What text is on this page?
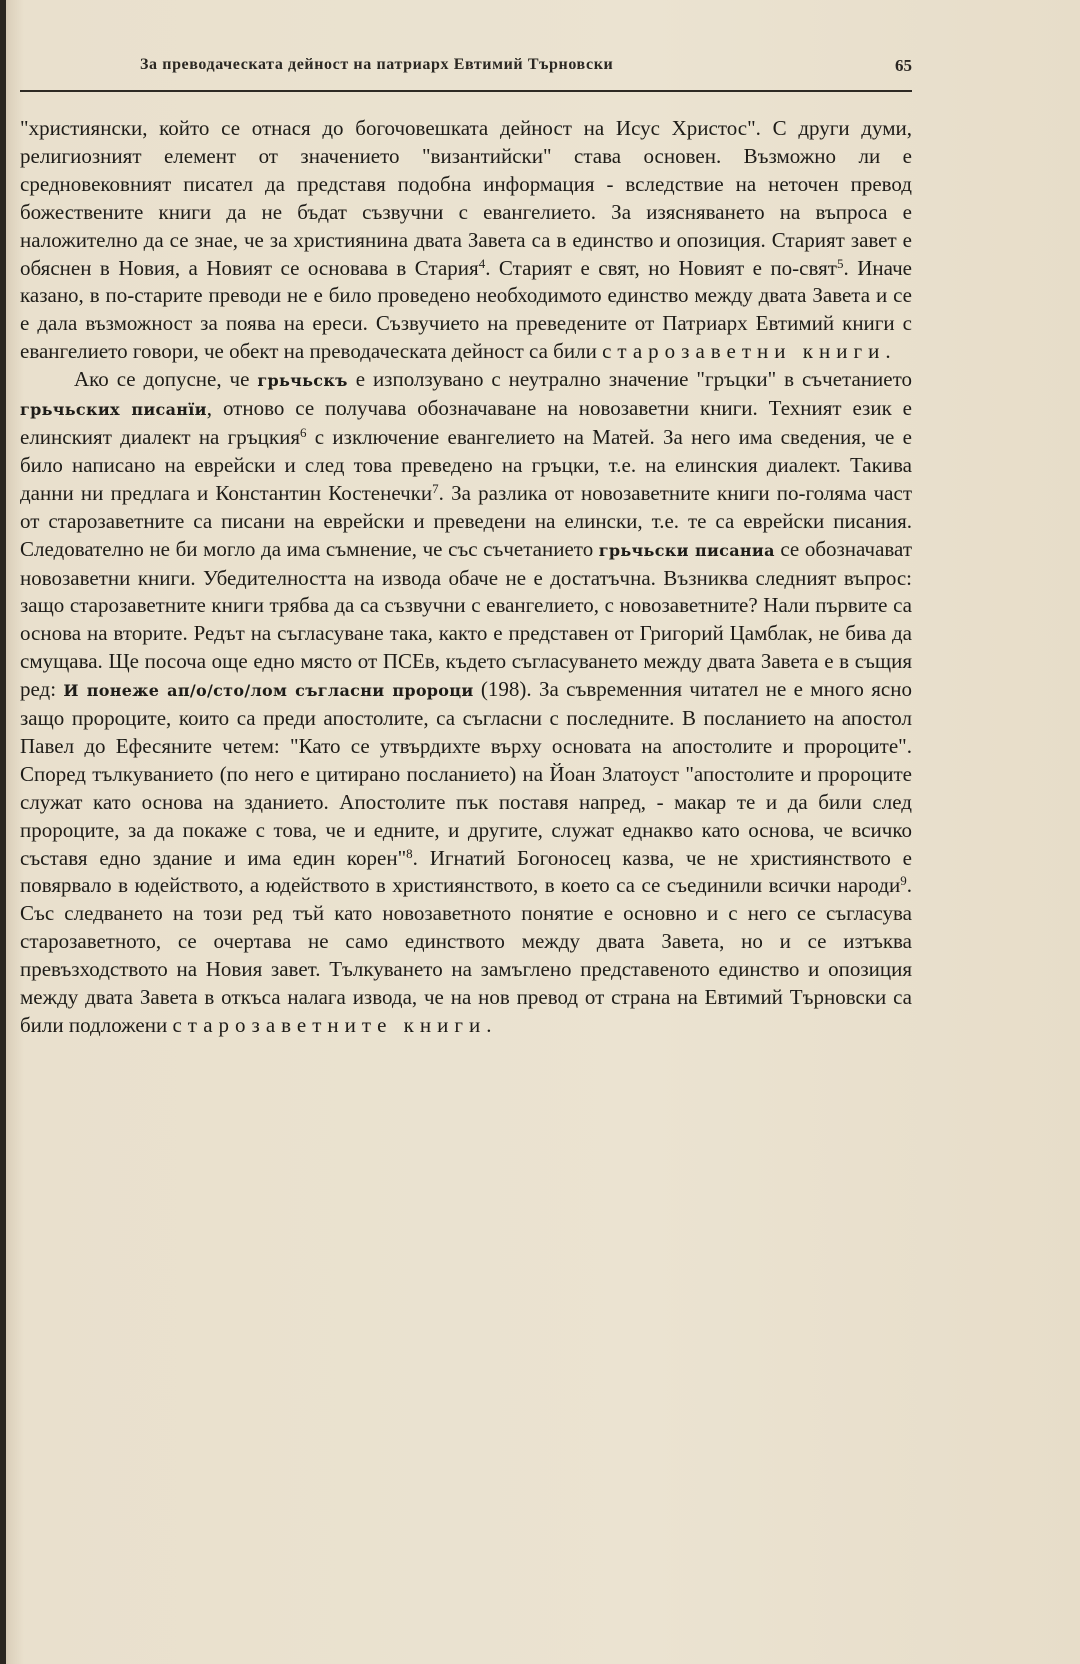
За преводаческата дейност на патриарх Евтимий Търновски	65

"християнски, който се отнася до богочовешката дейност на Исус Христос". С други думи, религиозният елемент от значението "византийски" става основен. Възможно ли е средновековният писател да представя подобна информация - вследствие на неточен превод божествените книги да не бъдат съзвучни с евангелието. За изясняването на въпроса е наложително да се знае, че за християнина двата Завета са в единство и опозиция. Старият завет е обяснен в Новия, а Новият се основава в Стария$^4$. Старият е свят, но Новият е по-свят$^5$. Иначе казано, в по-старите преводи не е било проведено необходимото единство между двата Завета и се е дала възможност за поява на ереси. Съзвучието на преведените от Патриарх Евтимий книги с евангелието говори, че обект на преводаческата дейност са били старозаветни книги.

Ако се допусне, че грьчьскъ е използувано с неутрално значение "гръцки" в съчетанието грьчьских писанїи, отново се получава обозначаване на новозаветни книги. Техният език е елинският диалект на гръцкия$^6$ с изключение евангелието на Матей. За него има сведения, че е било написано на еврейски и след това преведено на гръцки, т.е. на елинския диалект. Такива данни ни предлага и Константин Костенечки$^7$. За разлика от новозаветните книги по-голяма част от старозаветните са писани на еврейски и преведени на елински, т.е. те са еврейски писания. Следователно не би могло да има съмнение, че със съчетанието грьчьски писаниа се обозначават новозаветни книги. Убедителността на извода обаче не е достатъчна. Възниква следният въпрос: защо старозаветните книги трябва да са съзвучни с евангелието, с новозаветните? Нали първите са основа на вторите. Редът на съгласуване така, както е представен от Григорий Цамблак, не бива да смущава. Ще посоча още едно място от ПСЕв, където съгласуването между двата Завета е в същия ред: И понеже ап/о/сто/лом съгласни пророци (198). За съвременния читател не е много ясно защо пророците, които са преди апостолите, са съгласни с последните. В посланието на апостол Павел до Ефесяните четем: "Като се утвърдихте върху основата на апостолите и пророците". Според тълкуванието (по него е цитирано посланието) на Йоан Златоуст "апостолите и пророците служат като основа на зданието. Апостолите пък поставя напред, - макар те и да били след пророците, за да покаже с това, че и едните, и другите, служат еднакво като основа, че всичко съставя едно здание и има един корен"$^8$. Игнатий Богоносец казва, че не християнството е повярвало в юдейството, а юдейството в християнството, в което са се съединили всички народи$^9$. Със следването на този ред тъй като новозаветното понятие е основно и с него се съгласува старозаветното, се очертава не само единството между двата Завета, но и се изтъква превъзходството на Новия завет. Тълкуването на замъглено представеното единство и опозиция между двата Завета в откъса налага извода, че на нов превод от страна на Евтимий Търновски са били подложени старозаветните книги.
